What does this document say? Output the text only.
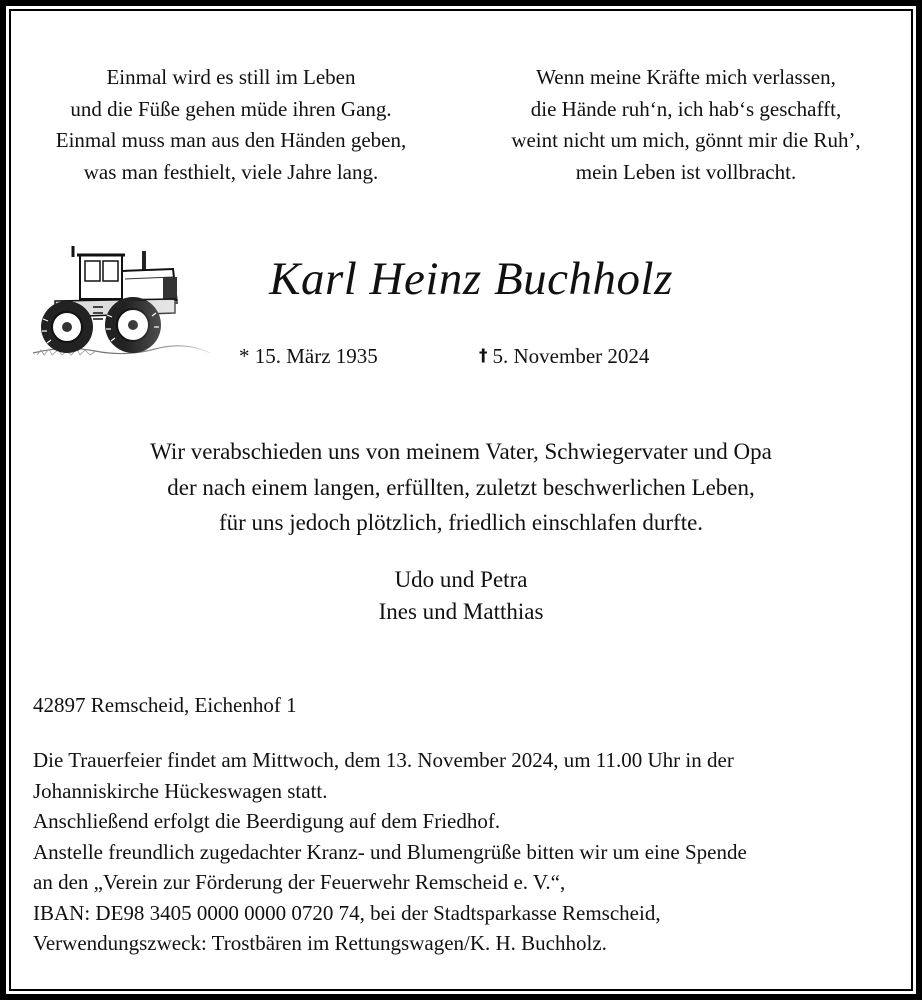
Einmal wird es still im Leben
und die Füße gehen müde ihren Gang.
Einmal muss man aus den Händen geben,
was man festhielt, viele Jahre lang.
Wenn meine Kräfte mich verlassen,
die Hände ruh‘n, ich hab‘s geschafft,
weint nicht um mich, gönnt mir die Ruh’,
mein Leben ist vollbracht.
Karl Heinz Buchholz
* 15. März 1935	† 5. November 2024
Wir verabschieden uns von meinem Vater, Schwiegervater und Opa
der nach einem langen, erfüllten, zuletzt beschwerlichen Leben,
für uns jedoch plötzlich, friedlich einschlafen durfte.
Udo und Petra
Ines und Matthias
42897 Remscheid, Eichenhof 1
Die Trauerfeier findet am Mittwoch, dem 13. November 2024, um 11.00 Uhr in der
Johanniskirche Hückeswagen statt.
Anschließend erfolgt die Beerdigung auf dem Friedhof.
Anstelle freundlich zugedachter Kranz- und Blumengrüße bitten wir um eine Spende
an den „Verein zur Förderung der Feuerwehr Remscheid e. V.“,
IBAN: DE98 3405 0000 0000 0720 74, bei der Stadtsparkasse Remscheid,
Verwendungszweck: Trostbären im Rettungswagen/K. H. Buchholz.
